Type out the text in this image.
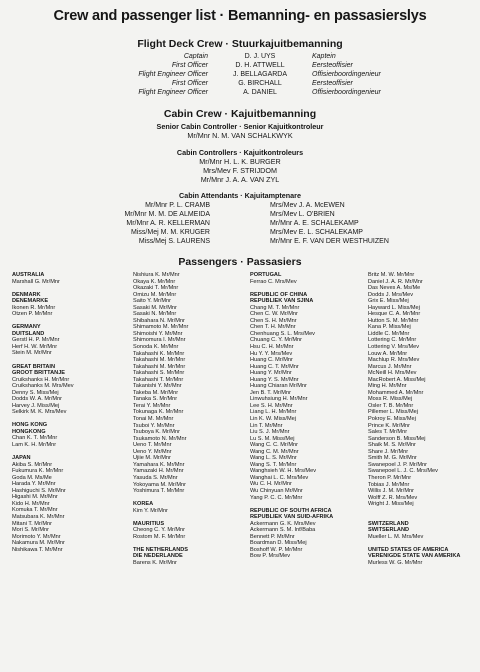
Crew and passenger list · Bemanning- en passasierslys
Flight Deck Crew · Stuurkajuitbemanning
Captain	D. J. UYS	Kaptein
First Officer	D. H. ATTWELL	Eersteoffisier
Flight Engineer Officer	J. BELLAGARDA	Offisierboordingenieur
First Officer	G. BIRCHALL	Eersteoffisier
Flight Engineer Officer	A. DANIEL	Offisierboordingenieur
Cabin Crew · Kajuitbemanning
Senior Cabin Controller · Senior Kajuitkontroleur
Mr/Mnr N. M. VAN SCHALKWYK
Cabin Controllers · Kajuitkontroleurs
Mr/Mnr H. L. K. BURGER
Mrs/Mev F. STRIJDOM
Mr/Mnr J. A. A. VAN ZYL
Cabin Attendants · Kajuitamptenare
Mr/Mnr P. L. CRAMB
Mr/Mnr M. M. DE ALMEIDA
Mr/Mnr A. R. KELLERMAN
Miss/Mej M. M. KRUGER
Miss/Mej S. LAURENS
Mrs/Mev J. A. McEWEN
Mrs/Mev L. O'BRIEN
Mr/Mnr A. E. SCHALEKAMP
Mrs/Mev E. L. SCHALEKAMP
Mr/Mnr E. F. VAN DER WESTHUIZEN
Passengers · Passasiers
AUSTRALIA
Marshall G. Mr/Mnr
DENMARK
DENEMARKE
Ikonen R. Mr/Mnr
Otzen P. Mr/Mnr
GERMANY
DUITSLAND
Gerstl H. P. Mr/Mnr
Herf H. W. Mr/Mnr
Stein M. Mr/Mnr
GREAT BRITAIN
GROOT BRITTANJE
Cruikshanks H. Mr/Mnr
Cruikshanks M. Mrs/Mev
Denny S. Miss/Mej
Dodds W. A. Mr/Mnr
Harvey J. Miss/Mej
Selkirk M. K. Mrs/Mev
HONG KONG
HONGKONG
Chan K. T. Mr/Mnr
Lam K. H. Mr/Mnr
JAPAN
Akiba S. Mr/Mnr
Fukumura K. Mr/Mnr
Goda M. Ms/Me
Harada Y. Mr/Mnr
Hashiguchi S. Mr/Mnr
Higashi M. Mr/Mnr
Kido H. Mr/Mnr
Komuka T. Mr/Mnr
Matsubara K. Mr/Mnr
Mitani T. Mr/Mnr
Mori S. Mr/Mnr
Morimoto Y. Mr/Mnr
Nakamura M. Mr/Mnr
Nishikawa T. Mr/Mnr
Nishiura K. Mr/Mnr
Okaya K. Mr/Mnr
Okazaki T. Mr/Mnr
Omizu M. Mr/Mnr
Saito Y. Mr/Mnr
Sasaki M. Mr/Mnr
Sasaki N. Mr/Mnr
Shibahara N. Mr/Mnr
Shimamoto M. Mr/Mnr
Shimoishi Y. Mr/Mnr
Shimomura I. Mr/Mnr
Sonoda K. Mr/Mnr
Takahashi K. Mr/Mnr
Takahashi M. Mr/Mnr
Takahashi M. Mr/Mnr
Takahashi S. Mr/Mnr
Takahashi T. Mr/Mnr
Takanishi Y. Mr/Mnr
Takeba M. Mr/Mnr
Tanaka S. Mr/Mnr
Terai Y. Mr/Mnr
Tokunaga K. Mr/Mnr
Tonai M. Mr/Mnr
Tsuboi Y. Mr/Mnr
Tsuboya K. Mr/Mnr
Tsukamoto N. Mr/Mnr
Ueno T. Mr/Mnr
Ueno Y. Mr/Mnr
Ujiie M. Mr/Mnr
Yamahara K. Mr/Mnr
Yamazaki H. Mr/Mnr
Yasuda S. Mr/Mnr
Yokoyama M. Mr/Mnr
Yoshimura T. Mr/Mnr
KOREA
Kim Y. Mr/Mnr
MAURITIUS
Cheong C. Y. Mr/Mnr
Rostom M. F. Mr/Mnr
THE NETHERLANDS
DIE NEDERLANDE
Barens K. Mr/Mnr
PORTUGAL
Ferrao C. Mrs/Mev
REPUBLIC OF CHINA
REPUBLIEK VAN SJINA
Chang M. T. Mr/Mnr
Chen C. W. Mr/Mnr
Chen S. H. Mr/Mnr
Chen T. H. Mr/Mnr
Chenhuang S. L. Mrs/Mev
Chuang C. Y. Mr/Mnr
Hsu C. H. Mr/Mnr
Hu Y. Y. Mrs/Mev
Huang C. Mr/Mnr
Huang C. T. Mr/Mnr
Huang Y. Mr/Mnr
Huang Y. S. Mr/Mnr
Huang Chiaran Mr/Mnr
Jen B. T. Mr/Mnr
Linwuhsiung H. Mr/Mnr
Lee S. H. Mr/Mnr
Liang L. H. Mr/Mnr
Lin K. W. Miss/Mej
Lin T. Mr/Mnr
Liu S. J. Mr/Mnr
Lu S. M. Miss/Mej
Wang C. C. Mr/Mnr
Wang C. M. Mr/Mnr
Wang L. S. Mr/Mnr
Wang S. T. Mr/Mnr
Wanghsieh W. H. Mrs/Mev
Wanghai L. C. Mrs/Mev
Wu C. H. Mr/Mnr
Wu Chinyuan Mr/Mnr
Yang P. C. C. Mr/Mnr
REPUBLIC OF SOUTH AFRICA
REPUBLIEK VAN SUID-AFRIKA
Ackermann G. K. Mrs/Mev
Ackermann S. M. Inf/Baba
Bennett P. Mr/Mnr
Boardman D. Miss/Mej
Boshoff W. P. Mr/Mnr
Bow P. Mrs/Mev
Britz M. W. Mr/Mnr
Daniel J. A. R. Mr/Mnr
Das Neves A. Ms/Me
Dodds J. Mrs/Mev
Grix E. Miss/Mej
Hayward L. Miss/Mej
Hesque C. A. Mr/Mnr
Hutton S. M. Mr/Mnr
Kana P. Miss/Mej
Liddle C. Mr/Mnr
Lottering C. Mr/Mnr
Lottering V. Mrs/Mev
Louw A. Mr/Mnr
Machlup R. Mrs/Mev
Marcus J. Mr/Mnr
McNeill H. Mrs/Mev
MacRobert A. Miss/Mej
Ming H. Mr/Mnr
Mohammed A. Mr/Mnr
Moss R. Miss/Mej
Osler T. B. Mr/Mnr
Pillemer L. Miss/Mej
Pokroy E. Miss/Mej
Prince K. Mr/Mnr
Sales T. Mr/Mnr
Sanderson B. Miss/Mej
Shaik M. S. Mr/Mnr
Share J. Mr/Mnr
Smith M. G. Mr/Mnr
Swanepoel J. P. Mr/Mnr
Swanepoel L. J. C. Mrs/Mev
Theron P. Mr/Mnr
Tobias J. Mr/Mnr
Willis J. M. Mr/Mnr
Wolff Z. R. Mrs/Mev
Wright J. Miss/Mej
SWITZERLAND
SWITSERLAND
Mueller L. M. Mrs/Mev
UNITED STATES OF AMERICA
VERENIGDE STATE VAN AMERIKA
Murless W. G. Mr/Mnr
